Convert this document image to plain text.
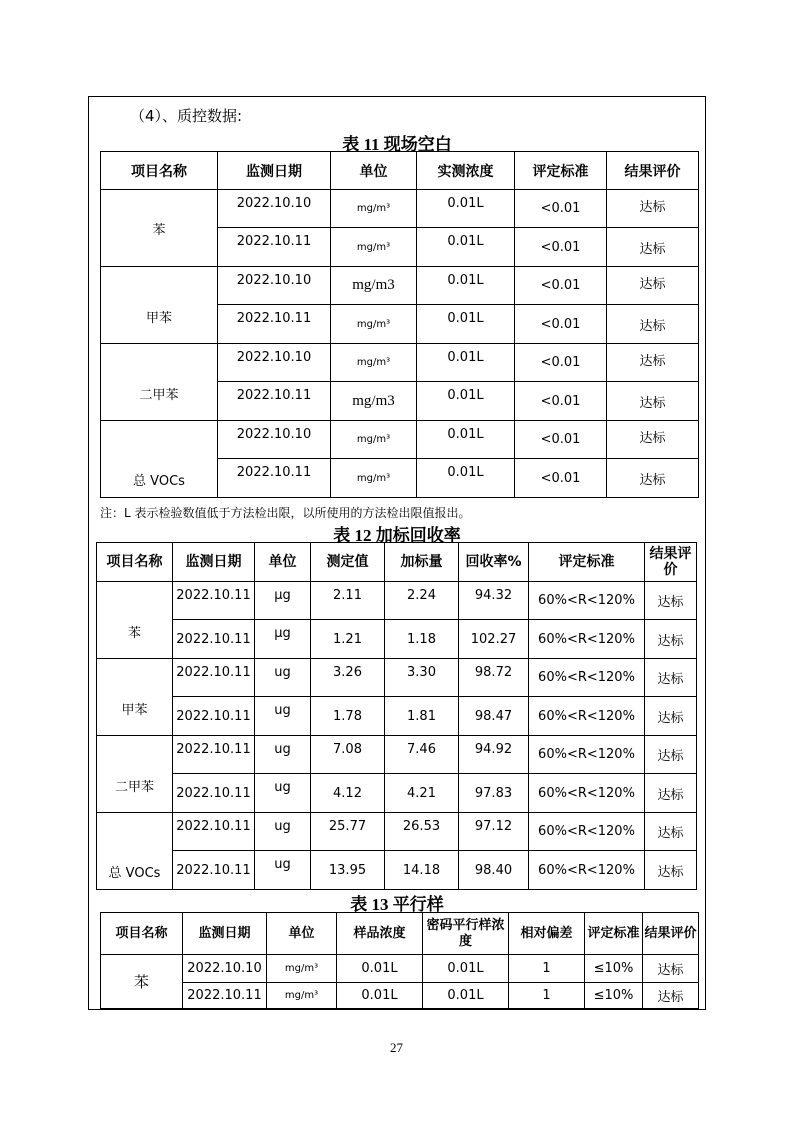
（4）、质控数据:
表 11 现场空白
项目名称	监测日期	单位	实测浓度	评定标准	结果评价
苯	2022.10.10	mg/m³	0.01L	<0.01	达标
	2022.10.11	mg/m³	0.01L	<0.01	达标
甲苯	2022.10.10	mg/m3	0.01L	<0.01	达标
	2022.10.11	mg/m³	0.01L	<0.01	达标
二甲苯	2022.10.10	mg/m³	0.01L	<0.01	达标
	2022.10.11	mg/m3	0.01L	<0.01	达标
总 VOCs	2022.10.10	mg/m³	0.01L	<0.01	达标
	2022.10.11	mg/m³	0.01L	<0.01	达标
注：L 表示检验数值低于方法检出限，以所使用的方法检出限值报出。
表 12 加标回收率
项目名称	监测日期	单位	测定值	加标量	回收率%	评定标准	结果评价
苯	2022.10.11	μg	2.11	2.24	94.32	60%<R<120%	达标
	2022.10.11	μg	1.21	1.18	102.27	60%<R<120%	达标
甲苯	2022.10.11	ug	3.26	3.30	98.72	60%<R<120%	达标
	2022.10.11	ug	1.78	1.81	98.47	60%<R<120%	达标
二甲苯	2022.10.11	ug	7.08	7.46	94.92	60%<R<120%	达标
	2022.10.11	ug	4.12	4.21	97.83	60%<R<120%	达标
总 VOCs	2022.10.11	ug	25.77	26.53	97.12	60%<R<120%	达标
	2022.10.11	ug	13.95	14.18	98.40	60%<R<120%	达标
表 13 平行样
项目名称	监测日期	单位	样品浓度	密码平行样浓度	相对偏差	评定标准	结果评价
苯	2022.10.10	mg/m³	0.01L	0.01L	1	≤10%	达标
	2022.10.11	mg/m³	0.01L	0.01L	1	≤10%	达标
27
